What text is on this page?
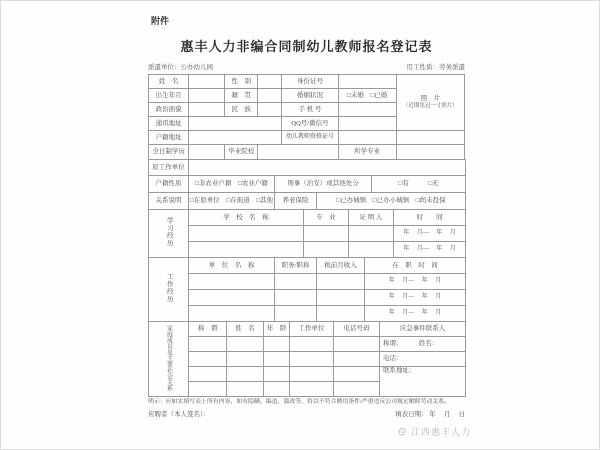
附件
惠丰人力非编合同制幼儿教师报名登记表
派遣单位：公办幼儿园	用工性质：劳务派遣
姓　名		性　别		身份证号		照　片
（近期免冠一寸照片）

出生年月		籍　贯		婚姻状况	□未婚　□已婚	
政治面貌		民　族		手 机 号		
通讯地址				QQ号/微信号		
户籍地址				幼儿教师资格证号		
全日制学历		毕业院校			所学专业	
原工作单位				
户籍性质	□非农业户籍　□农业户籍	刑事（治安）或其他处分		□有　　　□无
关系说明	□在原单位　□在街道　□其他	养老保险	□已办城镇　□已办小城镇　□尚未投保	
学习经历	学　校　名　称	专　业	证 明 人	时　　间
				年　 月—　 年　 月
				年　 月—　 年　 月
工作经历	单　位　名　称	职务/职称	税前月收入	在　职　时　间
				年　 月—　 年　 月
				年　 月—　 年　 月
				年　 月—　 年　 月
家庭成员及主要社会关系	称　谓	姓　名	年　龄	工作单位	电话号码	应急事件联系人
						称谓：　　　姓名：
						电话：
						联系地址：

明示：应如实填写表上所有内容，如有隐瞒、编造、篡改等，将以不符合聘用条件/严重违反公司规定解除劳动关系。
应聘者（本人签名）：	填表日期： 年　 月　 日
江西惠丰人力
